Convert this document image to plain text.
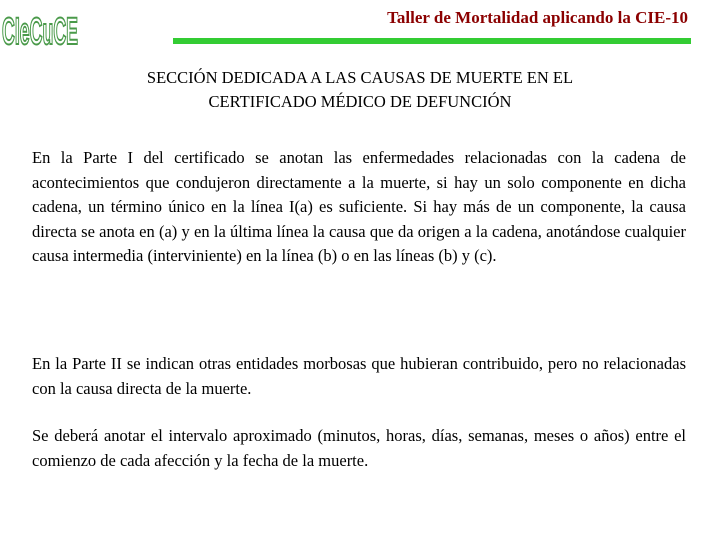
CIeCuCE	Taller de Mortalidad aplicando la CIE-10
SECCIÓN DEDICADA A LAS CAUSAS DE MUERTE EN EL
CERTIFICADO MÉDICO DE DEFUNCIÓN

En la Parte I del certificado se anotan las enfermedades relacionadas con la cadena de acontecimientos que condujeron directamente a la muerte, si hay un solo componente en dicha cadena, un término único en la línea I(a) es suficiente. Si hay más de un componente, la causa directa se anota en (a) y en la última línea la causa que da origen a la cadena, anotándose cualquier causa intermedia (interviniente) en la línea (b) o en las líneas (b) y (c).

En la Parte II se indican otras entidades morbosas que hubieran contribuido, pero no relacionadas con la causa directa de la muerte.

Se deberá anotar el intervalo aproximado (minutos, horas, días, semanas, meses o años) entre el comienzo de cada afección y la fecha de la muerte.
